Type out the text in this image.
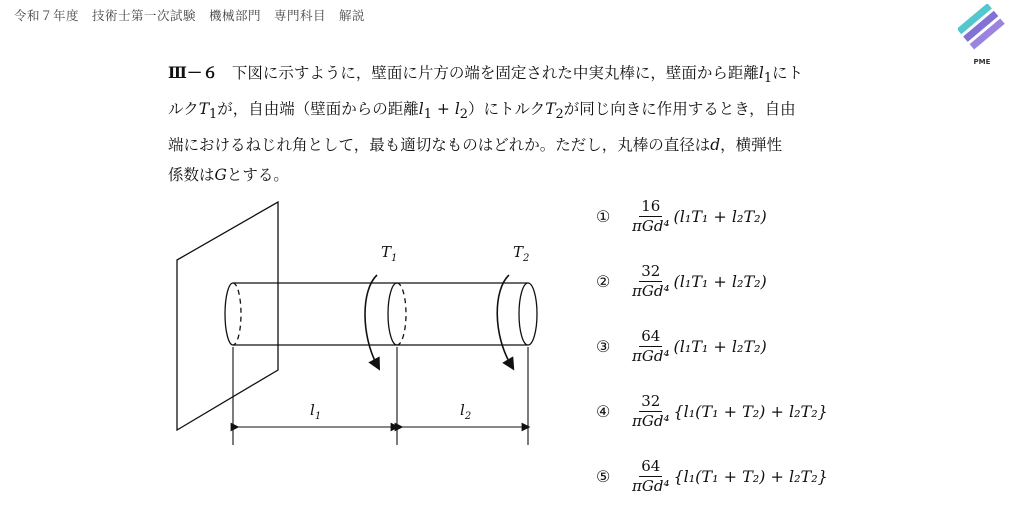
令和７年度　技術士第一次試験　機械部門　専門科目　解説
PME
Ⅲ－６ 下図に示すように，壁面に片方の端を固定された中実丸棒に，壁面から距離$l_1$にト
ルク$T_1$が，自由端（壁面からの距離$l_1 + l_2$）にトルク$T_2$が同じ向きに作用するとき，自由
端におけるねじれ角として，最も適切なものはどれか。ただし，丸棒の直径はd，横弾性
係数はGとする。
$T_1$	$T_2$
$l_1$	$l_2$
①	$\frac{16}{\text{πGd⁴}} (l_1T_1 + l_2T_2)$
②	$\frac{32}{\text{πGd⁴}} (l_1T_1 + l_2T_2)$
③	$\frac{64}{\text{πGd⁴}} (l_1T_1 + l_2T_2)$
④	$\frac{32}{\text{πGd⁴}} \{l_1(T_1 + T_2) + l_2T_2\}$
⑤	$\frac{64}{\text{πGd⁴}} \{l_1(T_1 + T_2) + l_2T_2\}$
